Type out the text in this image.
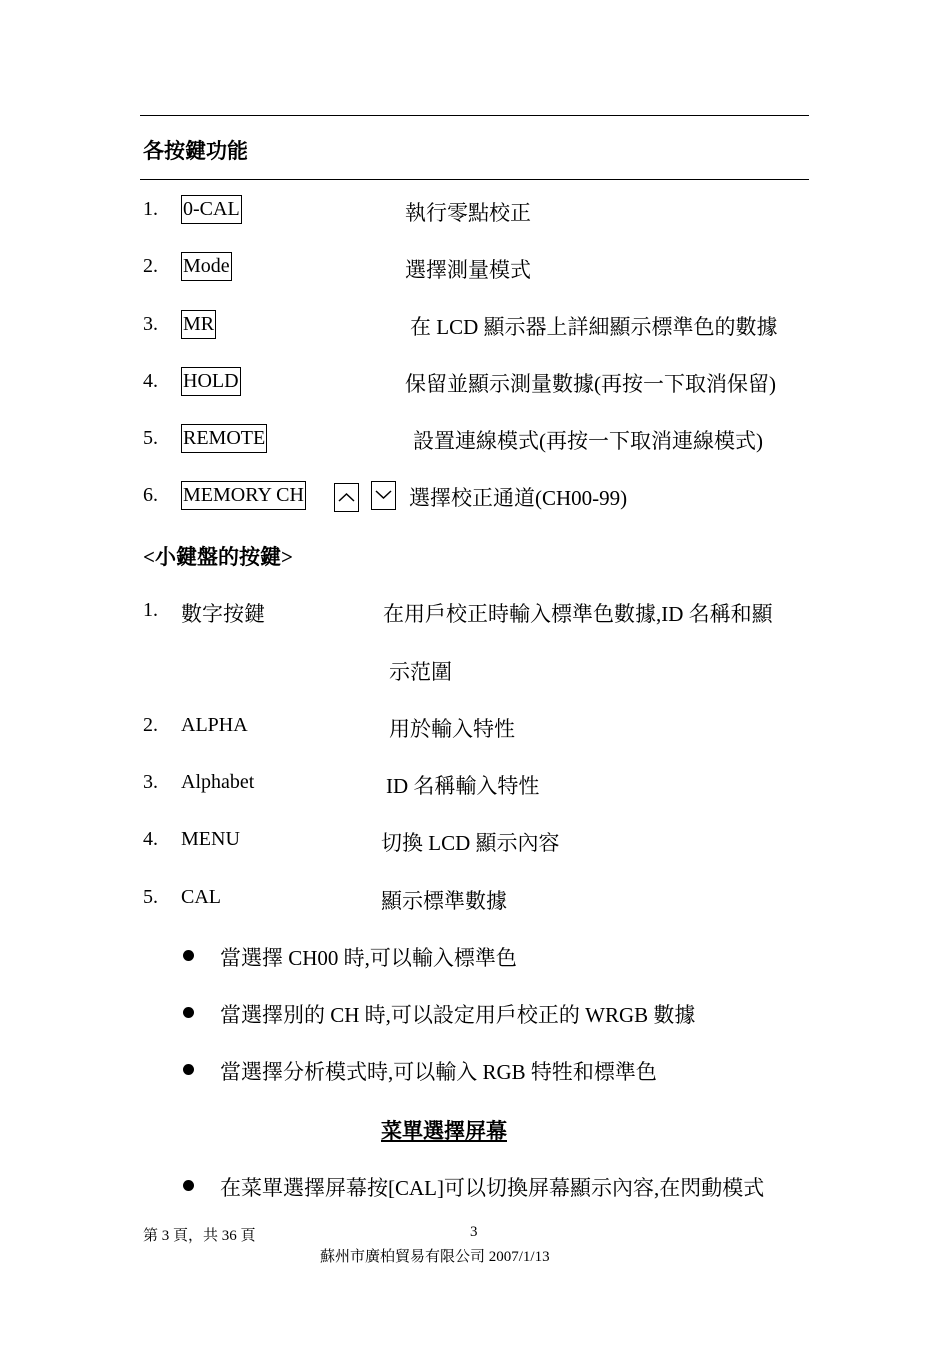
各按鍵功能
1. 0-CAL	執行零點校正
2. Mode	選擇測量模式
3. MR	在 LCD 顯示器上詳細顯示標準色的數據
4. HOLD	保留並顯示測量數據(再按一下取消保留)
5. REMOTE	設置連線模式(再按一下取消連線模式)
6. MEMORY CH	選擇校正通道(CH00-99)
<小鍵盤的按鍵>
1. 數字按鍵	在用戶校正時輸入標準色數據,ID 名稱和顯
示范圍
2. ALPHA	用於輸入特性
3. Alphabet	ID 名稱輸入特性
4. MENU	切換 LCD 顯示內容
5. CAL	顯示標準數據
當選擇 CH00 時,可以輸入標準色
當選擇別的 CH 時,可以設定用戶校正的 WRGB 數據
當選擇分析模式時,可以輸入 RGB 特牲和標準色
菜單選擇屏幕
在菜單選擇屏幕按[CAL]可以切換屏幕顯示內容,在閃動模式
第 3 頁，共 36 頁	3
蘇州市廣柏貿易有限公司 2007/1/13
